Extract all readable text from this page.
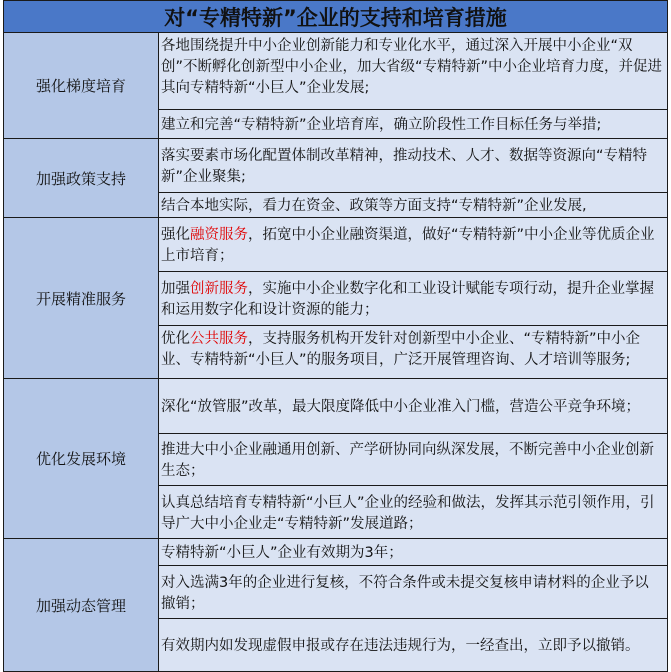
对“专精特新”企业的支持和培育措施
强化梯度培育
各地围绕提升中小企业创新能力和专业化水平，通过深入开展中小企业“双创”不断孵化创新型中小企业，加大省级“专精特新”中小企业培育力度，并促进其向专精特新“小巨人”企业发展;
建立和完善“专精特新”企业培育库，确立阶段性工作目标任务与举措;
加强政策支持
落实要素市场化配置体制改革精神，推动技术、人才、数据等资源向“专精特新”企业聚集;
结合本地实际，看力在资金、政策等方面支持“专精特新”企业发展,
开展精准服务
强化融资服务，拓宽中小企业融资渠道，做好“专精特新”中小企业等优质企业上市培育；
加强创新服务，实施中小企业数字化和工业设计赋能专项行动，提升企业掌握和运用数字化和设计资源的能力；
优化公共服务，支持服务机构开发针对创新型中小企业、“专精特新”中小企业、专精特新“小巨人”的服务项目，广泛开展管理咨询、人才培训等服务;
优化发展环境
深化“放管服”改革，最大限度降低中小企业准入门槛，营造公平竞争环境；
推进大中小企业融通用创新、产学研协同向纵深发展，不断完善中小企业创新生态；
认真总结培育专精特新“小巨人”企业的经验和做法，发挥其示范引领作用，引导广大中小企业走“专精特新”发展道路；
加强动态管理
专精特新“小巨人”企业有效期为3年；
对入选满3年的企业进行复核，不符合条件或未提交复核申请材料的企业予以撤销；
有效期内如发现虚假申报或存在违法违规行为，一经查出，立即予以撤销。
